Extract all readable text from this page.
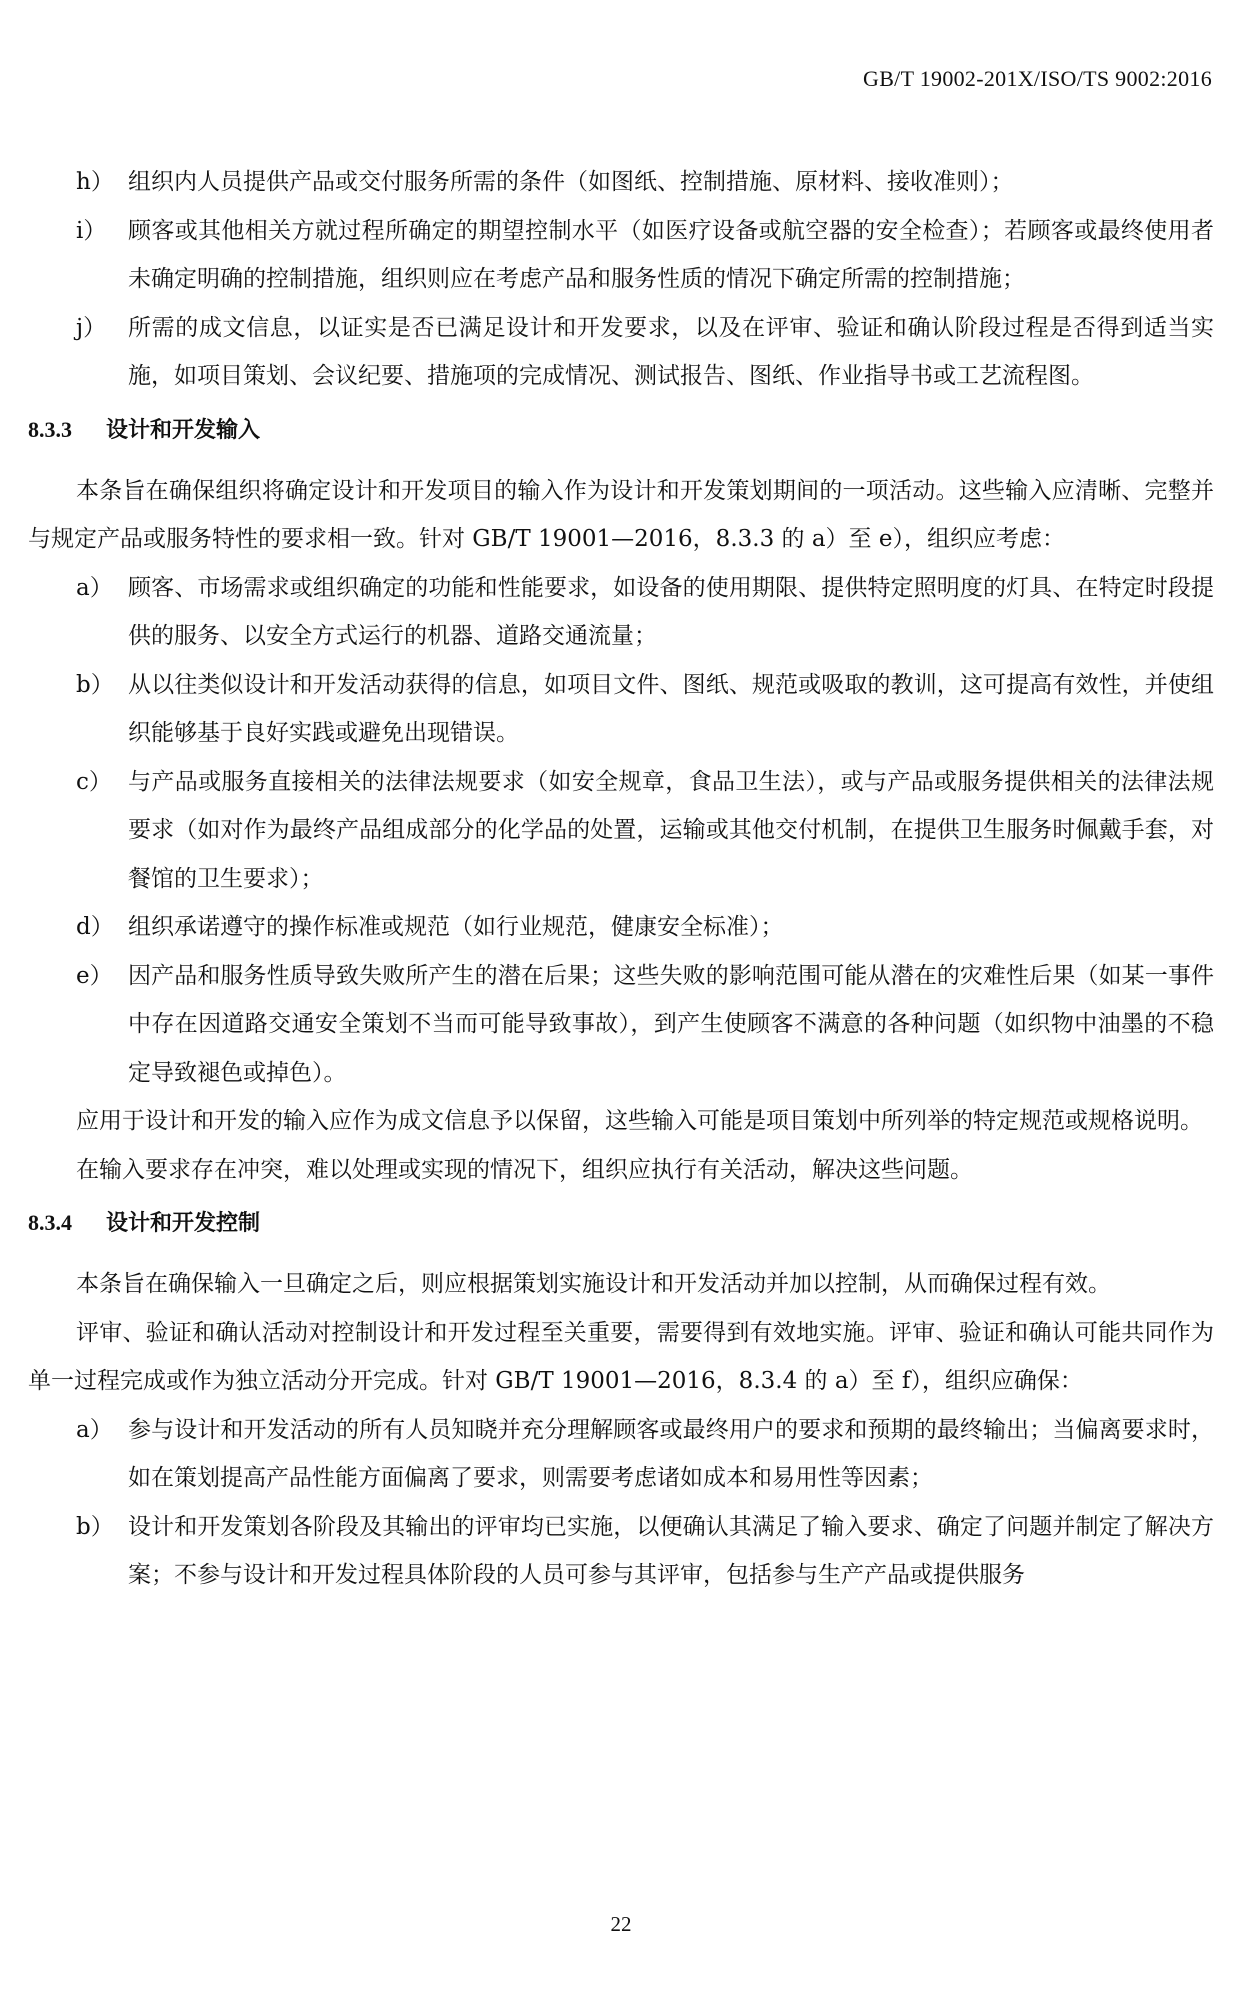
GB/T 19002-201X/ISO/TS 9002:2016
h） 组织内人员提供产品或交付服务所需的条件（如图纸、控制措施、原材料、接收准则）；
i） 顾客或其他相关方就过程所确定的期望控制水平（如医疗设备或航空器的安全检查）；若顾客或最终使用者未确定明确的控制措施，组织则应在考虑产品和服务性质的情况下确定所需的控制措施；
j） 所需的成文信息，以证实是否已满足设计和开发要求，以及在评审、验证和确认阶段过程是否得到适当实施，如项目策划、会议纪要、措施项的完成情况、测试报告、图纸、作业指导书或工艺流程图。
8.3.3 设计和开发输入

本条旨在确保组织将确定设计和开发项目的输入作为设计和开发策划期间的一项活动。这些输入应清晰、完整并与规定产品或服务特性的要求相一致。针对 GB/T 19001—2016，8.3.3 的 a）至 e），组织应考虑：

a） 顾客、市场需求或组织确定的功能和性能要求，如设备的使用期限、提供特定照明度的灯具、在特定时段提供的服务、以安全方式运行的机器、道路交通流量；
b） 从以往类似设计和开发活动获得的信息，如项目文件、图纸、规范或吸取的教训，这可提高有效性，并使组织能够基于良好实践或避免出现错误。
c） 与产品或服务直接相关的法律法规要求（如安全规章，食品卫生法），或与产品或服务提供相关的法律法规要求（如对作为最终产品组成部分的化学品的处置，运输或其他交付机制，在提供卫生服务时佩戴手套，对餐馆的卫生要求）；
d） 组织承诺遵守的操作标准或规范（如行业规范，健康安全标准）；
e） 因产品和服务性质导致失败所产生的潜在后果；这些失败的影响范围可能从潜在的灾难性后果（如某一事件中存在因道路交通安全策划不当而可能导致事故），到产生使顾客不满意的各种问题（如织物中油墨的不稳定导致褪色或掉色）。

应用于设计和开发的输入应作为成文信息予以保留，这些输入可能是项目策划中所列举的特定规范或规格说明。

在输入要求存在冲突，难以处理或实现的情况下，组织应执行有关活动，解决这些问题。

8.3.4 设计和开发控制

本条旨在确保输入一旦确定之后，则应根据策划实施设计和开发活动并加以控制，从而确保过程有效。

评审、验证和确认活动对控制设计和开发过程至关重要，需要得到有效地实施。评审、验证和确认可能共同作为单一过程完成或作为独立活动分开完成。针对 GB/T 19001—2016，8.3.4 的 a）至 f），组织应确保：

a） 参与设计和开发活动的所有人员知晓并充分理解顾客或最终用户的要求和预期的最终输出；当偏离要求时，如在策划提高产品性能方面偏离了要求，则需要考虑诸如成本和易用性等因素；
b） 设计和开发策划各阶段及其输出的评审均已实施，以便确认其满足了输入要求、确定了问题并制定了解决方案；不参与设计和开发过程具体阶段的人员可参与其评审，包括参与生产产品或提供服务
22
